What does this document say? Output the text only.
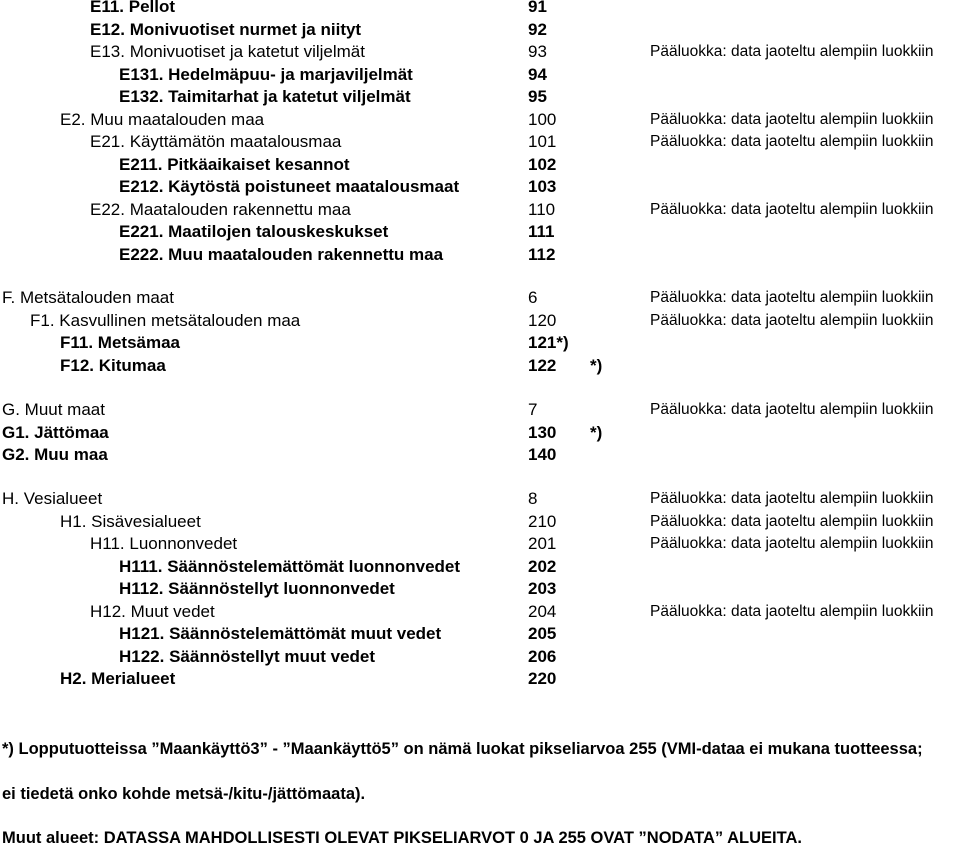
E11. Pellot	91
E12. Monivuotiset nurmet ja niityt	92
E13. Monivuotiset ja katetut viljelmät	93	Pääluokka: data jaoteltu alempiin luokkiin
E131. Hedelmäpuu- ja marjaviljelmät	94
E132. Taimitarhat ja katetut viljelmät	95
E2. Muu maatalouden maa	100	Pääluokka: data jaoteltu alempiin luokkiin
E21. Käyttämätön maatalousmaa	101	Pääluokka: data jaoteltu alempiin luokkiin
E211. Pitkäaikaiset kesannot	102
E212. Käytöstä poistuneet maatalousmaat	103
E22. Maatalouden rakennettu maa	110	Pääluokka: data jaoteltu alempiin luokkiin
E221. Maatilojen talouskeskukset	111
E222. Muu maatalouden rakennettu maa	112
F. Metsätalouden maat	6	Pääluokka: data jaoteltu alempiin luokkiin
F1. Kasvullinen metsätalouden maa	120	Pääluokka: data jaoteltu alempiin luokkiin
F11. Metsämaa	121*)
F12. Kitumaa	122 *)
G. Muut maat	7	Pääluokka: data jaoteltu alempiin luokkiin
G1. Jättömaa	130 *)
G2. Muu maa	140
H. Vesialueet	8	Pääluokka: data jaoteltu alempiin luokkiin
H1. Sisävesialueet	210	Pääluokka: data jaoteltu alempiin luokkiin
H11. Luonnonvedet	201	Pääluokka: data jaoteltu alempiin luokkiin
H111. Säännöstelemättömät luonnonvedet	202
H112. Säännöstellyt luonnonvedet	203
H12. Muut vedet	204	Pääluokka: data jaoteltu alempiin luokkiin
H121. Säännöstelemättömät muut vedet	205
H122. Säännöstellyt muut vedet	206
H2. Merialueet	220
*) Lopputuotteissa ”Maankäyttö3” - ”Maankäyttö5” on nämä luokat pikseliarvoa 255 (VMI-dataa ei mukana tuotteessa;
ei tiedetä onko kohde metsä-/kitu-/jättömaata).
Muut alueet: DATASSA MAHDOLLISESTI OLEVAT PIKSELIARVOT 0 JA 255 OVAT ”NODATA” ALUEITA.
